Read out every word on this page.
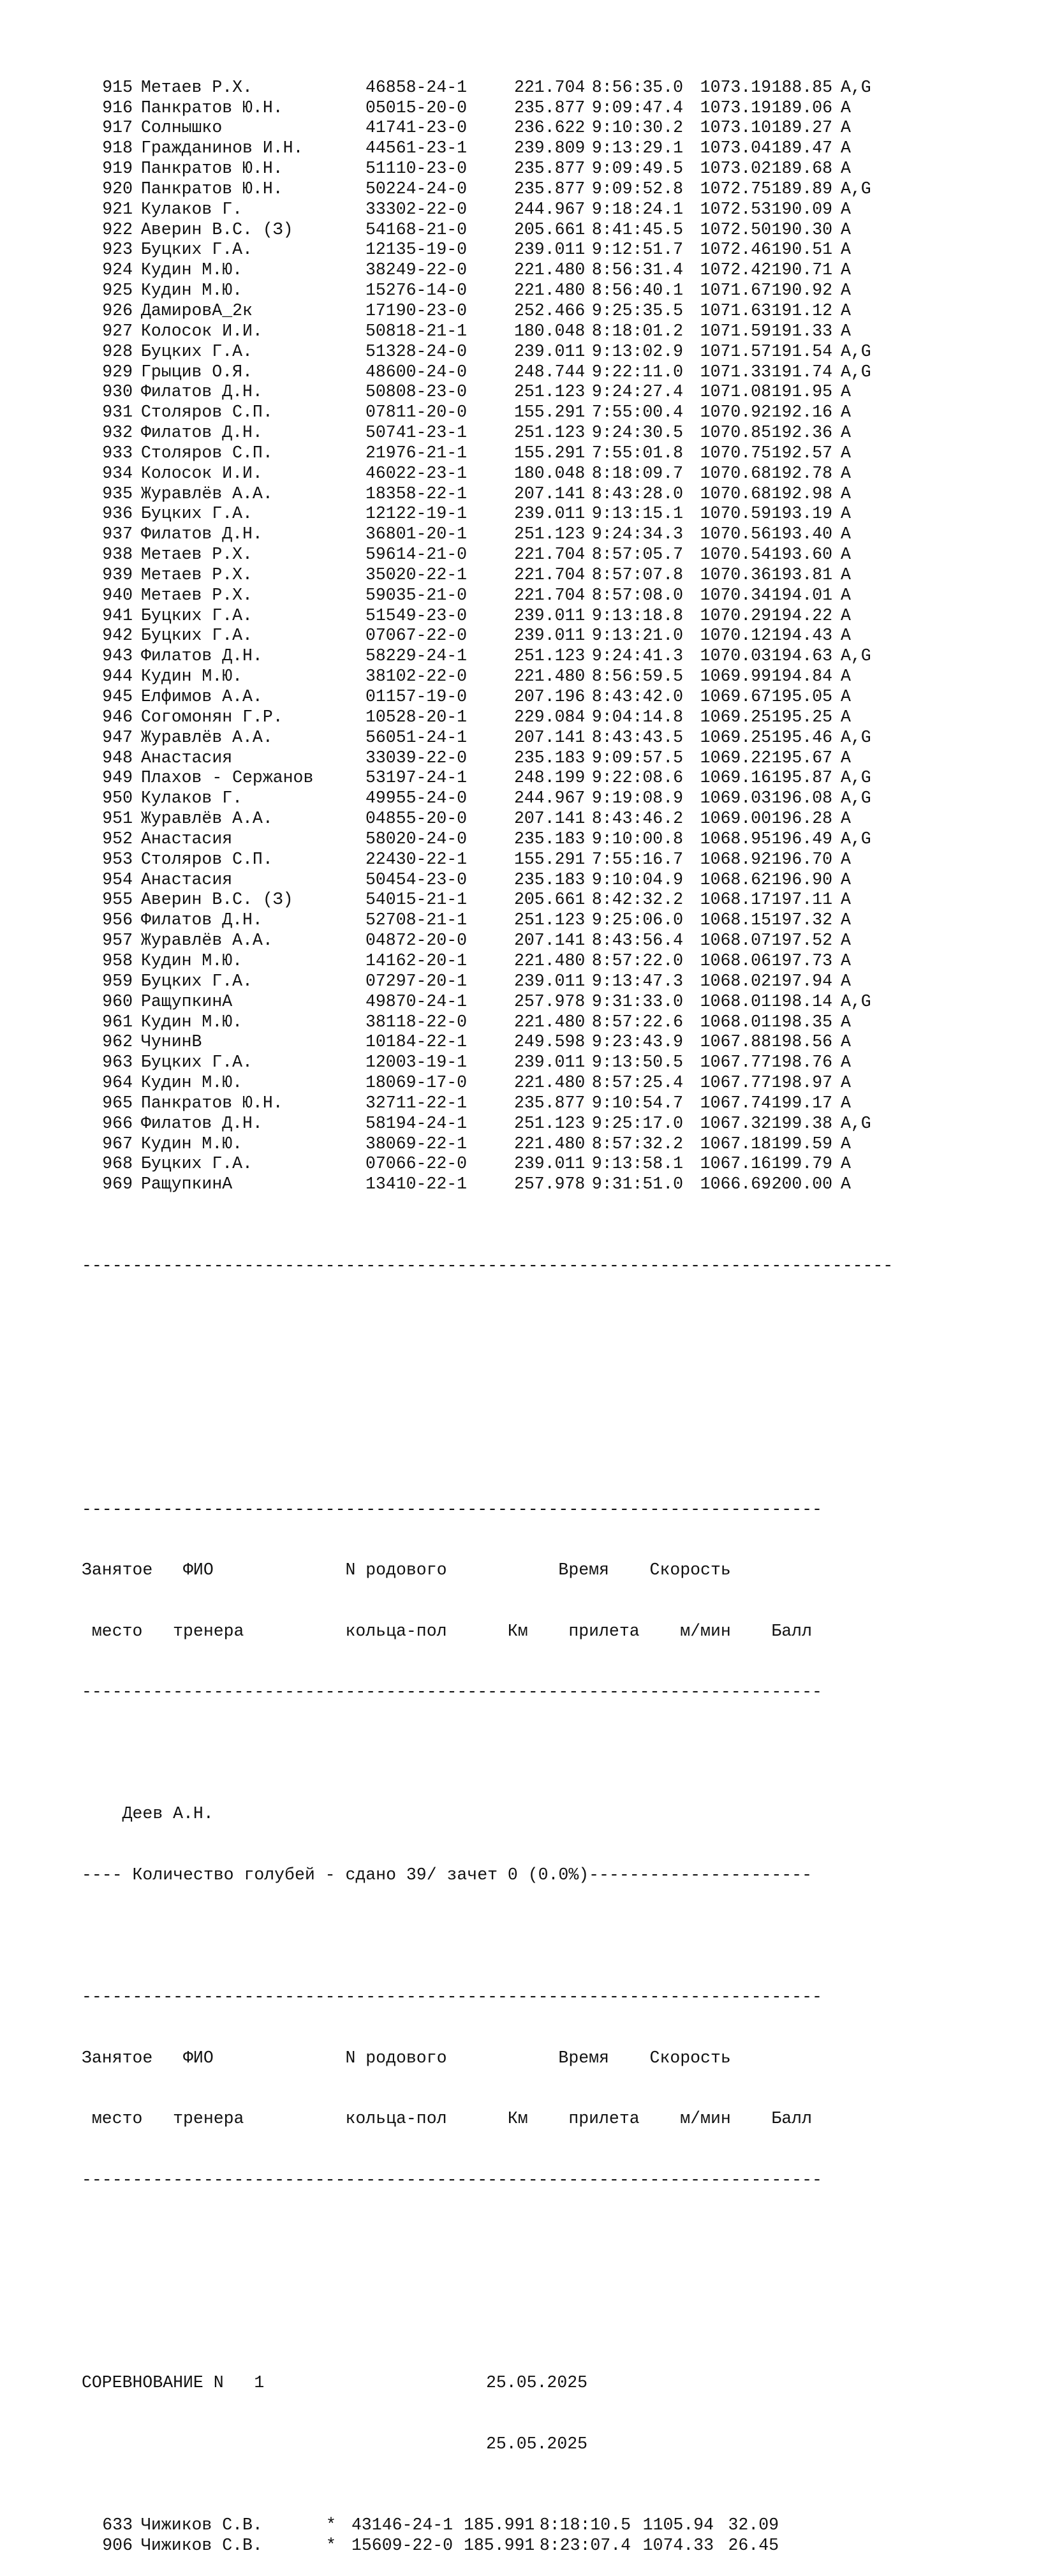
915 Метаев Р.Х.	46858-24-1	221.704 8:56:35.0 1073.19188.85 A,G
916 Панкратов Ю.Н.	05015-20-0	235.877 9:09:47.4 1073.19189.06 A
917 Солнышко	41741-23-0	236.622 9:10:30.2 1073.10189.27 A
918 Гражданинов И.Н.	44561-23-1	239.809 9:13:29.1 1073.04189.47 A
919 Панкратов Ю.Н.	51110-23-0	235.877 9:09:49.5 1073.02189.68 A
920 Панкратов Ю.Н.	50224-24-0	235.877 9:09:52.8 1072.75189.89 A,G
921 Кулаков Г.	33302-22-0	244.967 9:18:24.1 1072.53190.09 A
922 Аверин В.С. (З)	54168-21-0	205.661 8:41:45.5 1072.50190.30 A
923 Буцких Г.А.	12135-19-0	239.011 9:12:51.7 1072.46190.51 A
924 Кудин М.Ю.	38249-22-0	221.480 8:56:31.4 1072.42190.71 A
925 Кудин М.Ю.	15276-14-0	221.480 8:56:40.1 1071.67190.92 A
926 ДамировА_2к	17190-23-0	252.466 9:25:35.5 1071.63191.12 A
927 Колосок И.И.	50818-21-1	180.048 8:18:01.2 1071.59191.33 A
928 Буцких Г.А.	51328-24-0	239.011 9:13:02.9 1071.57191.54 A,G
929 Грыцив О.Я.	48600-24-0	248.744 9:22:11.0 1071.33191.74 A,G
930 Филатов Д.Н.	50808-23-0	251.123 9:24:27.4 1071.08191.95 A
931 Столяров С.П.	07811-20-0	155.291 7:55:00.4 1070.92192.16 A
932 Филатов Д.Н.	50741-23-1	251.123 9:24:30.5 1070.85192.36 A
933 Столяров С.П.	21976-21-1	155.291 7:55:01.8 1070.75192.57 A
934 Колосок И.И.	46022-23-1	180.048 8:18:09.7 1070.68192.78 A
935 Журавлёв А.А.	18358-22-1	207.141 8:43:28.0 1070.68192.98 A
936 Буцких Г.А.	12122-19-1	239.011 9:13:15.1 1070.59193.19 A
937 Филатов Д.Н.	36801-20-1	251.123 9:24:34.3 1070.56193.40 A
938 Метаев Р.Х.	59614-21-0	221.704 8:57:05.7 1070.54193.60 A
939 Метаев Р.Х.	35020-22-1	221.704 8:57:07.8 1070.36193.81 A
940 Метаев Р.Х.	59035-21-0	221.704 8:57:08.0 1070.34194.01 A
941 Буцких Г.А.	51549-23-0	239.011 9:13:18.8 1070.29194.22 A
942 Буцких Г.А.	07067-22-0	239.011 9:13:21.0 1070.12194.43 A
943 Филатов Д.Н.	58229-24-1	251.123 9:24:41.3 1070.03194.63 A,G
944 Кудин М.Ю.	38102-22-0	221.480 8:56:59.5 1069.99194.84 A
945 Елфимов А.А.	01157-19-0	207.196 8:43:42.0 1069.67195.05 A
946 Согомонян Г.Р.	10528-20-1	229.084 9:04:14.8 1069.25195.25 A
947 Журавлёв А.А.	56051-24-1	207.141 8:43:43.5 1069.25195.46 A,G
948 Анастасия	33039-22-0	235.183 9:09:57.5 1069.22195.67 A
949 Плахов - Сержанов	53197-24-1	248.199 9:22:08.6 1069.16195.87 A,G
950 Кулаков Г.	49955-24-0	244.967 9:19:08.9 1069.03196.08 A,G
951 Журавлёв А.А.	04855-20-0	207.141 8:43:46.2 1069.00196.28 A
952 Анастасия	58020-24-0	235.183 9:10:00.8 1068.95196.49 A,G
953 Столяров С.П.	22430-22-1	155.291 7:55:16.7 1068.92196.70 A
954 Анастасия	50454-23-0	235.183 9:10:04.9 1068.62196.90 A
955 Аверин В.С. (З)	54015-21-1	205.661 8:42:32.2 1068.17197.11 A
956 Филатов Д.Н.	52708-21-1	251.123 9:25:06.0 1068.15197.32 A
957 Журавлёв А.А.	04872-20-0	207.141 8:43:56.4 1068.07197.52 A
958 Кудин М.Ю.	14162-20-1	221.480 8:57:22.0 1068.06197.73 A
959 Буцких Г.А.	07297-20-1	239.011 9:13:47.3 1068.02197.94 A
960 РащупкинА	49870-24-1	257.978 9:31:33.0 1068.01198.14 A,G
961 Кудин М.Ю.	38118-22-0	221.480 8:57:22.6 1068.01198.35 A
962 ЧунинВ	10184-22-1	249.598 9:23:43.9 1067.88198.56 A
963 Буцких Г.А.	12003-19-1	239.011 9:13:50.5 1067.77198.76 A
964 Кудин М.Ю.	18069-17-0	221.480 8:57:25.4 1067.77198.97 A
965 Панкратов Ю.Н.	32711-22-1	235.877 9:10:54.7 1067.74199.17 A
966 Филатов Д.Н.	58194-24-1	251.123 9:25:17.0 1067.32199.38 A,G
967 Кудин М.Ю.	38069-22-1	221.480 8:57:32.2 1067.18199.59 A
968 Буцких Г.А.	07066-22-0	239.011 9:13:58.1 1067.16199.79 A
969 РащупкинА	13410-22-1	257.978 9:31:51.0 1066.69200.00 A

--------------------------------------------------------------------------------

-------------------------------------------------------------------------

Занятое   ФИО             N родового           Время    Скорость

место   тренера          кольца-пол      Км    прилета    м/мин    Балл

-------------------------------------------------------------------------

Деев А.Н.

---- Количество голубей - сдано 39/ зачет 0 (0.0%)----------------------

-------------------------------------------------------------------------

Занятое   ФИО             N родового           Время    Скорость

место   тренера          кольца-пол      Км    прилета    м/мин    Балл

-------------------------------------------------------------------------

СОРЕВНОВАНИЕ N   1	25.05.2025

25.05.2025

633 Чижиков С.В.	* 43146-24-1 185.991 8:18:10.5 1105.94 32.09
906 Чижиков С.В.	* 15609-22-0 185.991 8:23:07.4 1074.33 26.45
